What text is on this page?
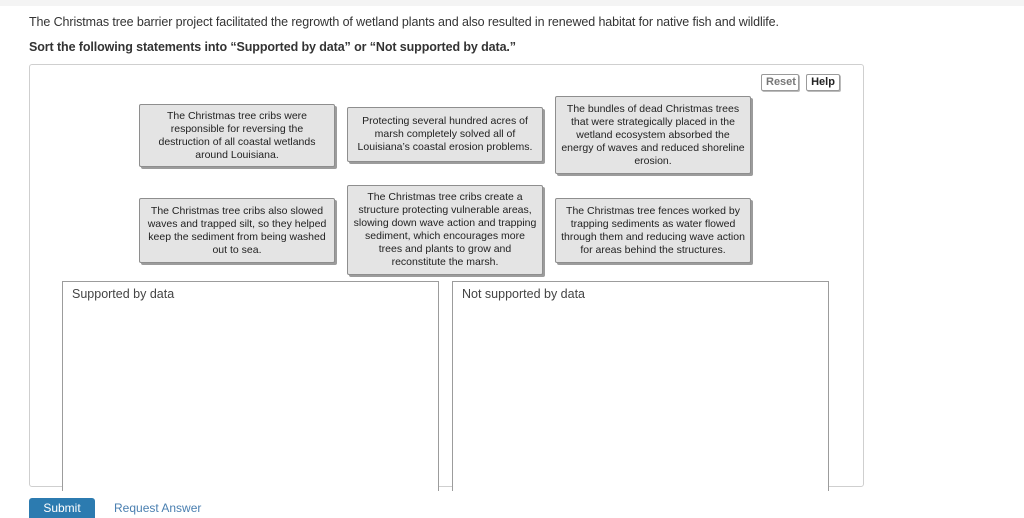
The Christmas tree barrier project facilitated the regrowth of wetland plants and also resulted in renewed habitat for native fish and wildlife.
Sort the following statements into “Supported by data” or “Not supported by data.”
Reset	Help
The Christmas tree cribs were responsible for reversing the destruction of all coastal wetlands around Louisiana.
Protecting several hundred acres of marsh completely solved all of Louisiana’s coastal erosion problems.
The bundles of dead Christmas trees that were strategically placed in the wetland ecosystem absorbed the energy of waves and reduced shoreline erosion.
The Christmas tree cribs also slowed waves and trapped silt, so they helped keep the sediment from being washed out to sea.
The Christmas tree cribs create a structure protecting vulnerable areas, slowing down wave action and trapping sediment, which encourages more trees and plants to grow and reconstitute the marsh.
The Christmas tree fences worked by trapping sediments as water flowed through them and reducing wave action for areas behind the structures.
Supported by data	Not supported by data
Submit	Request Answer
